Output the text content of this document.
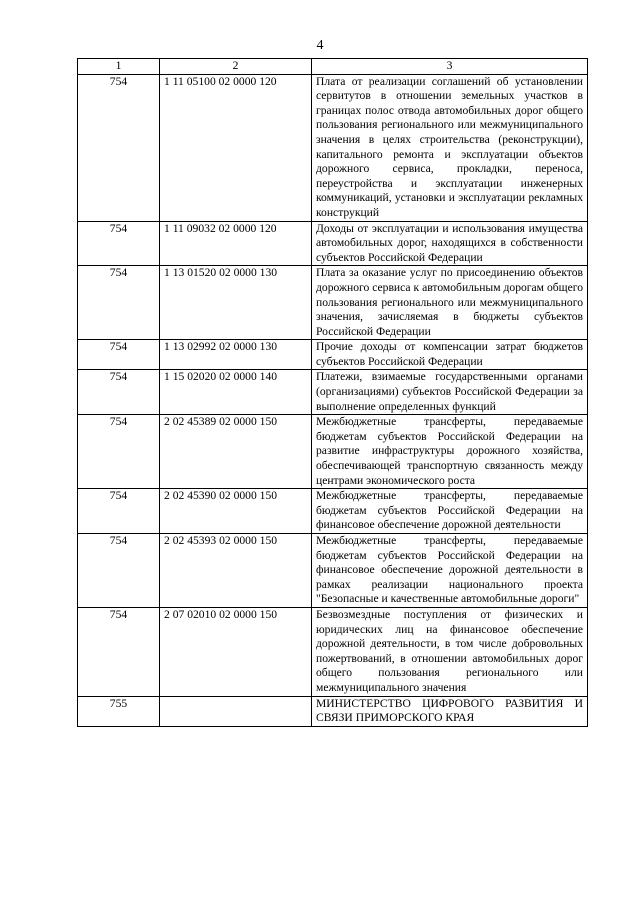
4
1	2	3
754	1 11 05100 02 0000 120	Плата от реализации соглашений об установлении сервитутов в отношении земельных участков в границах полос отвода автомобильных дорог общего пользования регионального или межмуниципального значения в целях строительства (реконструкции), капитального ремонта и эксплуатации объектов дорожного сервиса, прокладки, переноса, переустройства и эксплуатации инженерных коммуникаций, установки и эксплуатации рекламных конструкций
754	1 11 09032 02 0000 120	Доходы от эксплуатации и использования имущества автомобильных дорог, находящихся в собственности субъектов Российской Федерации
754	1 13 01520 02 0000 130	Плата за оказание услуг по присоединению объектов дорожного сервиса к автомобильным дорогам общего пользования регионального или межмуниципального значения, зачисляемая в бюджеты субъектов Российской Федерации
754	1 13 02992 02 0000 130	Прочие доходы от компенсации затрат бюджетов субъектов Российской Федерации
754	1 15 02020 02 0000 140	Платежи, взимаемые государственными органами (организациями) субъектов Российской Федерации за выполнение определенных функций
754	2 02 45389 02 0000 150	Межбюджетные трансферты, передаваемые бюджетам субъектов Российской Федерации на развитие инфраструктуры дорожного хозяйства, обеспечивающей транспортную связанность между центрами экономического роста
754	2 02 45390 02 0000 150	Межбюджетные трансферты, передаваемые бюджетам субъектов Российской Федерации на финансовое обеспечение дорожной деятельности
754	2 02 45393 02 0000 150	Межбюджетные трансферты, передаваемые бюджетам субъектов Российской Федерации на финансовое обеспечение дорожной деятельности в рамках реализации национального проекта "Безопасные и качественные автомобильные дороги"
754	2 07 02010 02 0000 150	Безвозмездные поступления от физических и юридических лиц на финансовое обеспечение дорожной деятельности, в том числе добровольных пожертвований, в отношении автомобильных дорог общего пользования регионального или межмуниципального значения
755		МИНИСТЕРСТВО ЦИФРОВОГО РАЗВИТИЯ И СВЯЗИ ПРИМОРСКОГО КРАЯ
